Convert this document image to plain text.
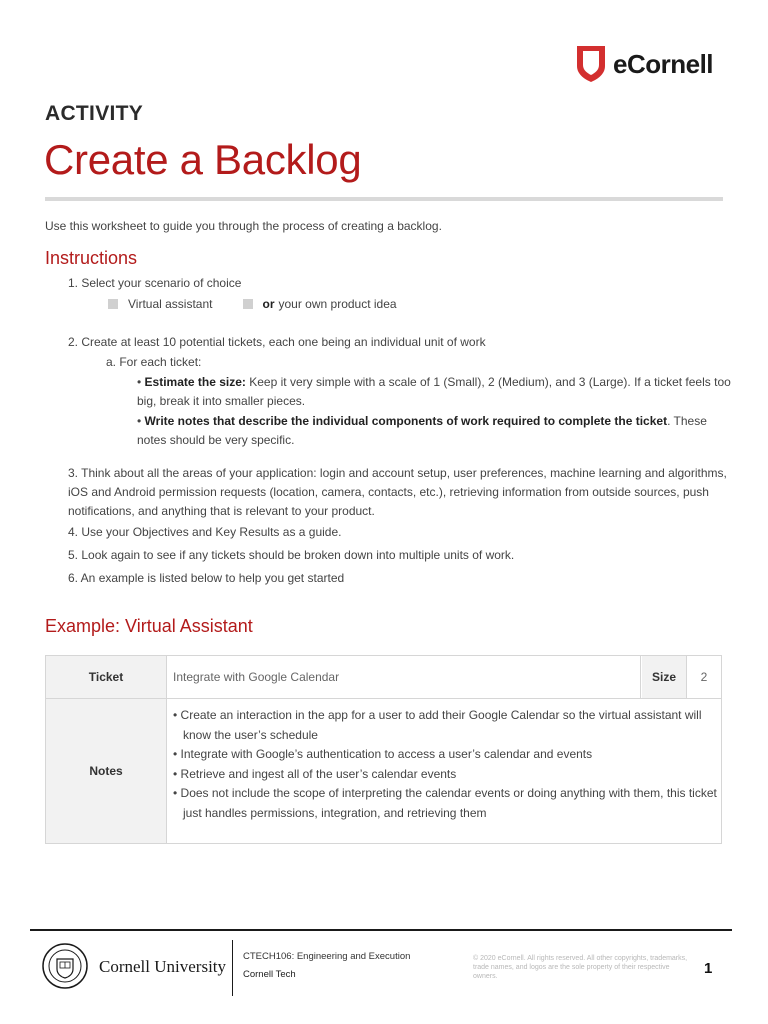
eCornell
ACTIVITY
Create a Backlog
Use this worksheet to guide you through the process of creating a backlog.
Instructions
1. Select your scenario of choice
Virtual assistant	or your own product idea
2. Create at least 10 potential tickets, each one being an individual unit of work
a. For each ticket:
• Estimate the size: Keep it very simple with a scale of 1 (Small), 2 (Medium), and 3 (Large). If a ticket feels too big, break it into smaller pieces.
• Write notes that describe the individual components of work required to complete the ticket. These notes should be very specific.
3. Think about all the areas of your application: login and account setup, user preferences, machine learning and algorithms, iOS and Android permission requests (location, camera, contacts, etc.), retrieving information from outside sources, push notifications, and anything that is relevant to your product.
4. Use your Objectives and Key Results as a guide.
5. Look again to see if any tickets should be broken down into multiple units of work.
6. An example is listed below to help you get started
Example: Virtual Assistant
Ticket	Integrate with Google Calendar	Size	2
Notes
• Create an interaction in the app for a user to add their Google Calendar so the virtual assistant will know the user’s schedule
• Integrate with Google’s authentication to access a user’s calendar and events
• Retrieve and ingest all of the user’s calendar events
• Does not include the scope of interpreting the calendar events or doing anything with them, this ticket just handles permissions, integration, and retrieving them
Cornell University
CTECH106: Engineering and Execution
Cornell Tech
© 2020 eCornell. All rights reserved. All other copyrights, trademarks, trade names, and logos are the sole property of their respective owners.	1
